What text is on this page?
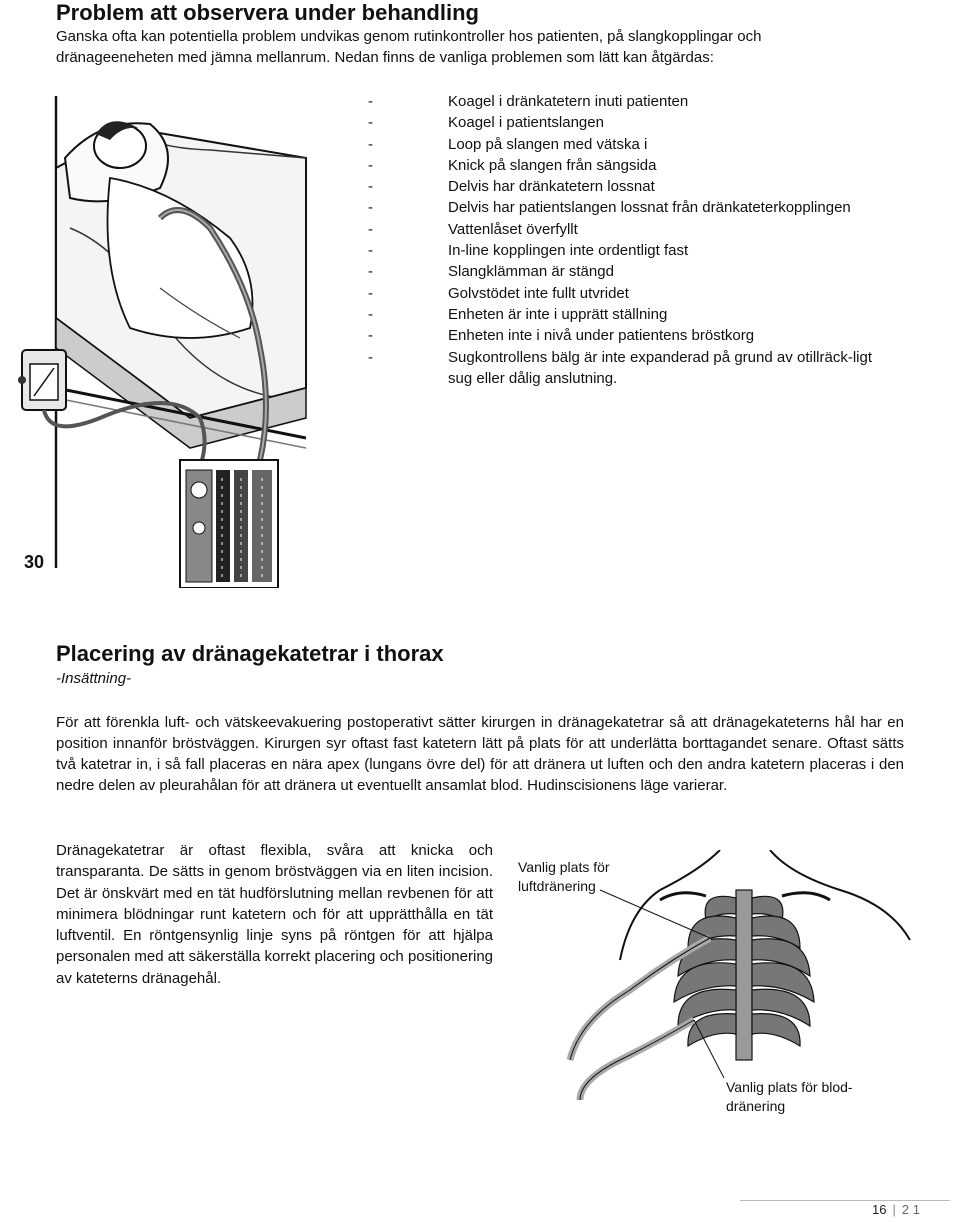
Problem att observera under behandling

Ganska ofta kan potentiella problem undvikas genom rutinkontroller hos patienten, på slangkopplingar och dränageeneheten med jämna mellanrum. Nedan finns de vanliga problemen som lätt kan åtgärdas:

-	Koagel i dränkatetern inuti patienten
-	Koagel i patientslangen
-	Loop på slangen med vätska i
-	Knick på slangen från sängsida
-	Delvis har dränkatetern lossnat
-	Delvis har patientslangen lossnat från dränkateterkopplingen
-	Vattenlåset överfyllt
-	In-line kopplingen inte ordentligt fast
-	Slangklämman är stängd
-	Golvstödet inte fullt utvridet
-	Enheten är inte i upprätt ställning
-	Enheten inte i nivå under patientens bröstkorg
-	Sugkontrollens bälg är inte expanderad på grund av otillräck-ligt sug eller dålig anslutning.
30
Placering av dränagekatetrar i thorax
-Insättning-

För att förenkla luft- och vätskeevakuering postoperativt sätter kirurgen in dränagekatetrar så att dränagekateterns hål har en position innanför bröstväggen. Kirurgen syr oftast fast katetern lätt på plats för att underlätta borttagandet senare. Oftast sätts två katetrar in, i så fall placeras en nära apex (lungans övre del) för att dränera ut luften och den andra katetern placeras i den nedre delen av pleurahålan för att dränera ut eventuellt ansamlat blod. Hudinscisionens läge varierar.

Dränagekatetrar är oftast flexibla, svåra att knicka och transparanta. De sätts in genom bröstväggen via en liten incision. Det är önskvärt med en tät hudförslutning mellan revbenen för att minimera blödningar runt katetern och för att upprätthålla en tät luftventil. En röntgensynlig linje syns på röntgen för att hjälpa personalen med att säkerställa korrekt placering och positionering av kateterns dränagehål.

Vanlig plats för luftdränering
Vanlig plats för blod-dränering
16 | 2 1
